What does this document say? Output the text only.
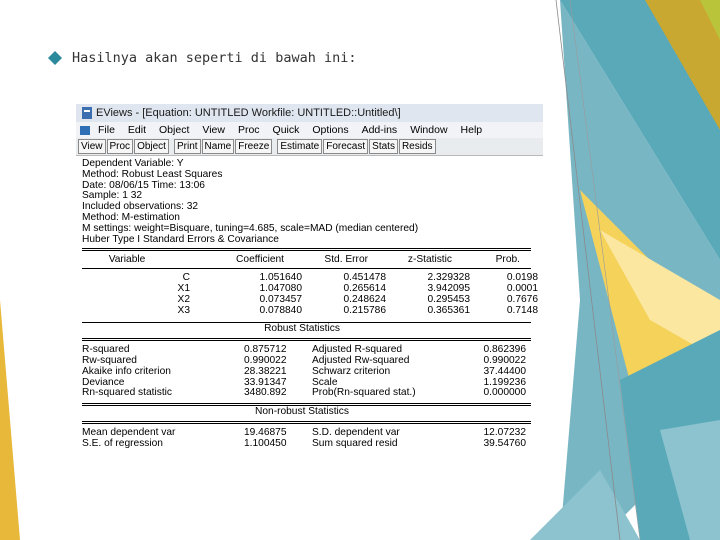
Hasilnya akan seperti di bawah ini:
EViews - [Equation: UNTITLED Workfile: UNTITLED::Untitled\]
File Edit Object View Proc Quick Options Add-ins Window Help
View Proc Object	Print Name Freeze	Estimate Forecast Stats Resids
Dependent Variable: Y
Method: Robust Least Squares
Date: 08/06/15 Time: 13:06
Sample: 1 32
Included observations: 32
Method: M-estimation
M settings: weight=Bisquare, tuning=4.685, scale=MAD (median centered)
Huber Type I Standard Errors & Covariance
Variable	Coefficient	Std. Error	z-Statistic	Prob.
C	1.051640	0.451478	2.329328	0.0198
X1	1.047080	0.265614	3.942095	0.0001
X2	0.073457	0.248624	0.295453	0.7676
X3	0.078840	0.215786	0.365361	0.7148
Robust Statistics
R-squared	0.875712	Adjusted R-squared	0.862396
Rw-squared	0.990022	Adjusted Rw-squared	0.990022
Akaike info criterion	28.38221	Schwarz criterion	37.44400
Deviance	33.91347	Scale	1.199236
Rn-squared statistic	3480.892	Prob(Rn-squared stat.)	0.000000
Non-robust Statistics
Mean dependent var	19.46875	S.D. dependent var	12.07232
S.E. of regression	1.100450	Sum squared resid	39.54760
